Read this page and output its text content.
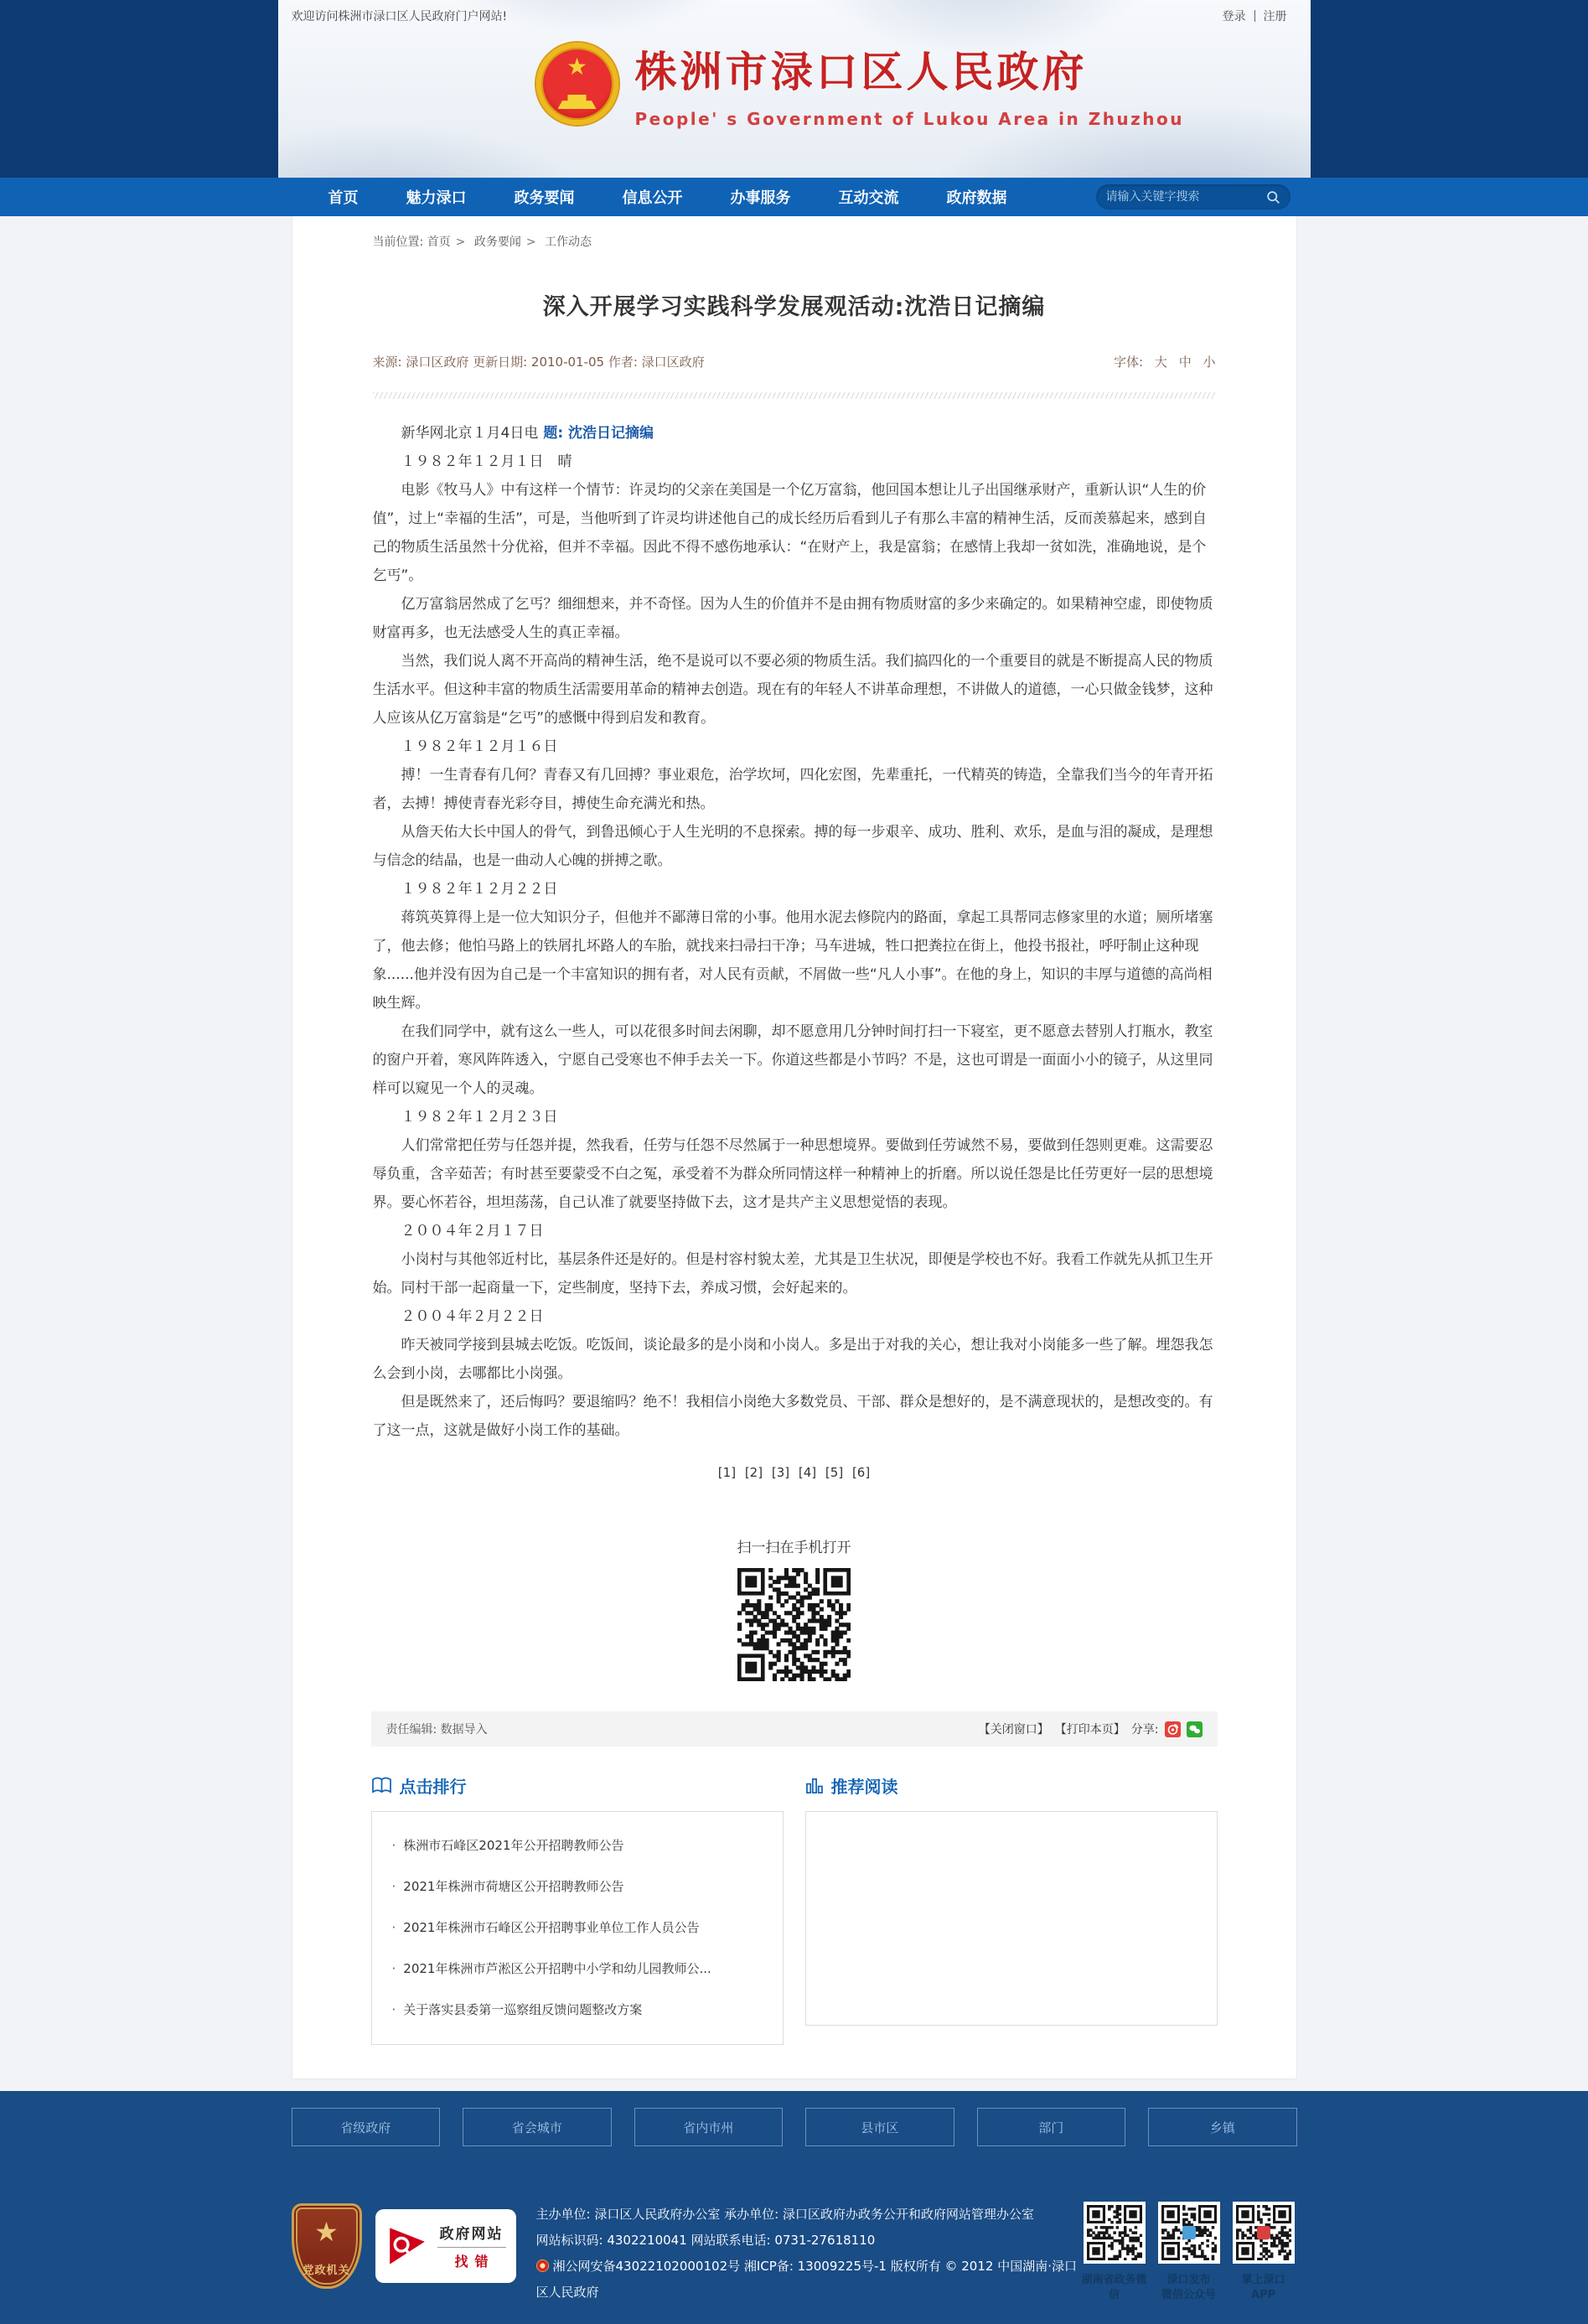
欢迎访问株洲市渌口区人民政府门户网站!	登录 注册
★
株洲市渌口区人民政府
People' s Government of Lukou Area in Zhuzhou
首页	魅力渌口	政务要闻	信息公开	办事服务	互动交流	政府数据
请输入关键字搜索
当前位置: 首页 > 政务要闻 > 工作动态
深入开展学习实践科学发展观活动:沈浩日记摘编
来源: 渌口区政府 更新日期: 2010-01-05 作者: 渌口区政府	字体: 大 中 小

新华网北京１月4日电 题: 沈浩日记摘编

１９８２年１２月１日　晴

电影《牧马人》中有这样一个情节：许灵均的父亲在美国是一个亿万富翁，他回国本想让儿子出国继承财产，重新认识“人生的价值”，过上“幸福的生活”，可是，当他听到了许灵均讲述他自己的成长经历后看到儿子有那么丰富的精神生活，反而羡慕起来，感到自己的物质生活虽然十分优裕，但并不幸福。因此不得不感伤地承认：“在财产上，我是富翁；在感情上我却一贫如洗，准确地说，是个乞丐”。

亿万富翁居然成了乞丐？细细想来，并不奇怪。因为人生的价值并不是由拥有物质财富的多少来确定的。如果精神空虚，即使物质财富再多，也无法感受人生的真正幸福。

当然，我们说人离不开高尚的精神生活，绝不是说可以不要必须的物质生活。我们搞四化的一个重要目的就是不断提高人民的物质生活水平。但这种丰富的物质生活需要用革命的精神去创造。现在有的年轻人不讲革命理想，不讲做人的道德，一心只做金钱梦，这种人应该从亿万富翁是“乞丐”的感慨中得到启发和教育。

１９８２年１２月１６日

搏！一生青春有几何？青春又有几回搏？事业艰危，治学坎坷，四化宏图，先辈重托，一代精英的铸造，全靠我们当今的年青开拓者，去搏！搏使青春光彩夺目，搏使生命充满光和热。

从詹天佑大长中国人的骨气，到鲁迅倾心于人生光明的不息探索。搏的每一步艰辛、成功、胜利、欢乐，是血与泪的凝成，是理想与信念的结晶，也是一曲动人心魄的拼搏之歌。

１９８２年１２月２２日

蒋筑英算得上是一位大知识分子，但他并不鄙薄日常的小事。他用水泥去修院内的路面，拿起工具帮同志修家里的水道；厕所堵塞了，他去修；他怕马路上的铁屑扎坏路人的车胎，就找来扫帚扫干净；马车进城，牲口把粪拉在街上，他投书报社，呼吁制止这种现象......他并没有因为自己是一个丰富知识的拥有者，对人民有贡献，不屑做一些“凡人小事”。在他的身上，知识的丰厚与道德的高尚相映生辉。

在我们同学中，就有这么一些人，可以花很多时间去闲聊，却不愿意用几分钟时间打扫一下寝室，更不愿意去替别人打瓶水，教室的窗户开着，寒风阵阵透入，宁愿自己受寒也不伸手去关一下。你道这些都是小节吗？不是，这也可谓是一面面小小的镜子，从这里同样可以窥见一个人的灵魂。

１９８２年１２月２３日

人们常常把任劳与任怨并提，然我看，任劳与任怨不尽然属于一种思想境界。要做到任劳诚然不易，要做到任怨则更难。这需要忍辱负重，含辛茹苦；有时甚至要蒙受不白之冤，承受着不为群众所同情这样一种精神上的折磨。所以说任怨是比任劳更好一层的思想境界。要心怀若谷，坦坦荡荡，自己认准了就要坚持做下去，这才是共产主义思想觉悟的表现。

２００４年２月１７日

小岗村与其他邻近村比，基层条件还是好的。但是村容村貌太差，尤其是卫生状况，即便是学校也不好。我看工作就先从抓卫生开始。同村干部一起商量一下，定些制度，坚持下去，养成习惯，会好起来的。

２００４年２月２２日

昨天被同学接到县城去吃饭。吃饭间，谈论最多的是小岗和小岗人。多是出于对我的关心，想让我对小岗能多一些了解。埋怨我怎么会到小岗，去哪都比小岗强。

但是既然来了，还后悔吗？要退缩吗？绝不！我相信小岗绝大多数党员、干部、群众是想好的，是不满意现状的，是想改变的。有了这一点，这就是做好小岗工作的基础。

[1] [2] [3] [4] [5] [6]
扫一扫在手机打开
责任编辑: 数据导入	【关闭窗口】 【打印本页】 分享:
点击排行
· 株洲市石峰区2021年公开招聘教师公告
· 2021年株洲市荷塘区公开招聘教师公告
· 2021年株洲市石峰区公开招聘事业单位工作人员公告
· 2021年株洲市芦淞区公开招聘中小学和幼儿园教师公...
· 关于落实县委第一巡察组反馈问题整改方案
推荐阅读
省级政府	省会城市	省内市州	县市区	部门	乡镇
★
党政机关
政府网站
找错
主办单位: 渌口区人民政府办公室 承办单位: 渌口区政府办政务公开和政府网站管理办公室
网站标识码: 4302210041 网站联系电话: 0731-27618110
湘公网安备43022102000102号 湘ICP备: 13009225号-1 版权所有 © 2012 中国湖南·渌口区人民政府
湖南省政务微信
渌口发布
微信公众号
掌上渌口APP
